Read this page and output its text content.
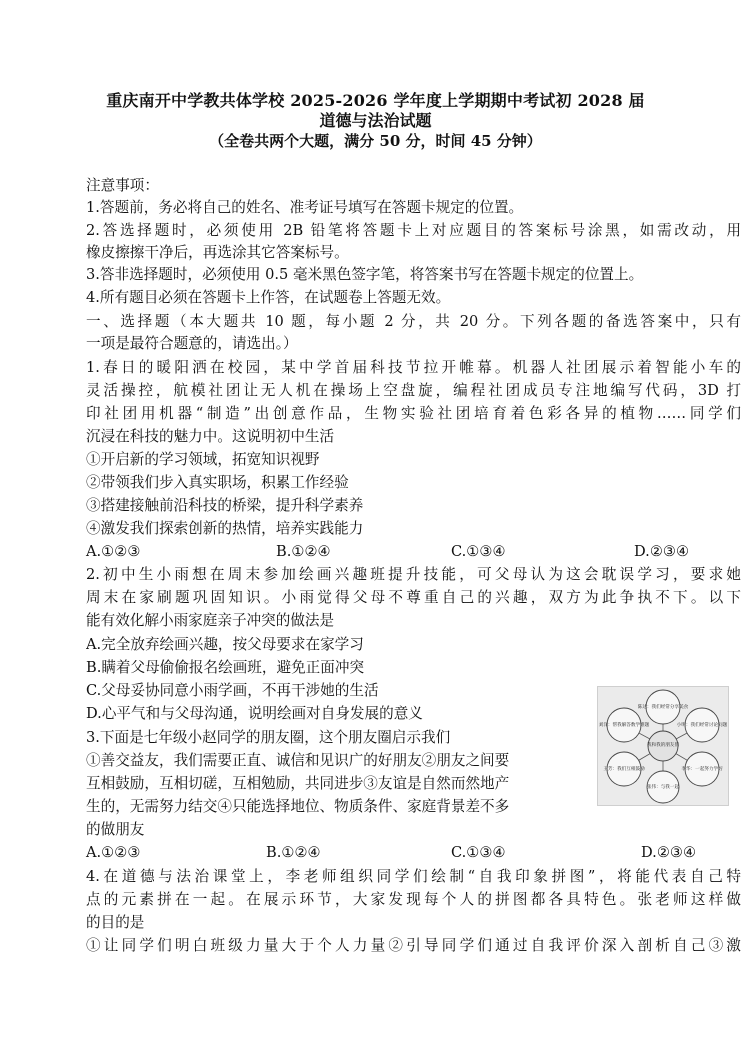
重庆南开中学教共体学校 2025-2026 学年度上学期期中考试初 2028 届
道德与法治试题
（全卷共两个大题，满分 50 分，时间 45 分钟）
注意事项：
1.答题前，务必将自己的姓名、准考证号填写在答题卡规定的位置。
2.答选择题时，必须使用 2B 铅笔将答题卡上对应题目的答案标号涂黑，如需改动，用
橡皮擦擦干净后，再选涂其它答案标号。
3.答非选择题时，必须使用 0.5 毫米黑色签字笔，将答案书写在答题卡规定的位置上。
4.所有题目必须在答题卡上作答，在试题卷上答题无效。
一、选择题（本大题共 10 题，每小题 2 分，共 20 分。下列各题的备选答案中，只有
一项是最符合题意的，请选出。）
1.春日的暖阳洒在校园，某中学首届科技节拉开帷幕。机器人社团展示着智能小车的
灵活操控，航模社团让无人机在操场上空盘旋，编程社团成员专注地编写代码，3D 打
印社团用机器“制造”出创意作品，生物实验社团培育着色彩各异的植物……同学们
沉浸在科技的魅力中。这说明初中生活
①开启新的学习领域，拓宽知识视野
②带领我们步入真实职场，积累工作经验
③搭建接触前沿科技的桥梁，提升科学素养
④激发我们探索创新的热情，培养实践能力
A.①②③	B.①②④	C.①③④	D.②③④
2.初中生小雨想在周末参加绘画兴趣班提升技能，可父母认为这会耽误学习，要求她
周末在家刷题巩固知识。小雨觉得父母不尊重自己的兴趣，双方为此争执不下。以下
能有效化解小雨家庭亲子冲突的做法是
A.完全放弃绘画兴趣，按父母要求在家学习
B.瞒着父母偷偷报名绘画班，避免正面冲突
C.父母妥协同意小雨学画，不再干涉她的生活
D.心平气和与父母沟通，说明绘画对自身发展的意义
3.下面是七年级小赵同学的朋友圈，这个朋友圈启示我们
①善交益友，我们需要正直、诚信和见识广的好朋友②朋友之间要
互相鼓励，互相切磋，互相勉励，共同进步③友谊是自然而然地产
生的，无需努力结交④只能选择地位、物质条件、家庭背景差不多
的做朋友
A.①②③	B.①②④	C.①③④	D.②③④
我和我的朋友们
陈达：我们经常分享美食
小明：我们经常讨论问题
李华：一起努力学习
张伟：与我一起
王芳：我们互相鼓励
刘洋：帮我解答数学难题
4.在道德与法治课堂上，李老师组织同学们绘制“自我印象拼图”，将能代表自己特
点的元素拼在一起。在展示环节，大家发现每个人的拼图都各具特色。张老师这样做
的目的是
①让同学们明白班级力量大于个人力量②引导同学们通过自我评价深入剖析自己③激
